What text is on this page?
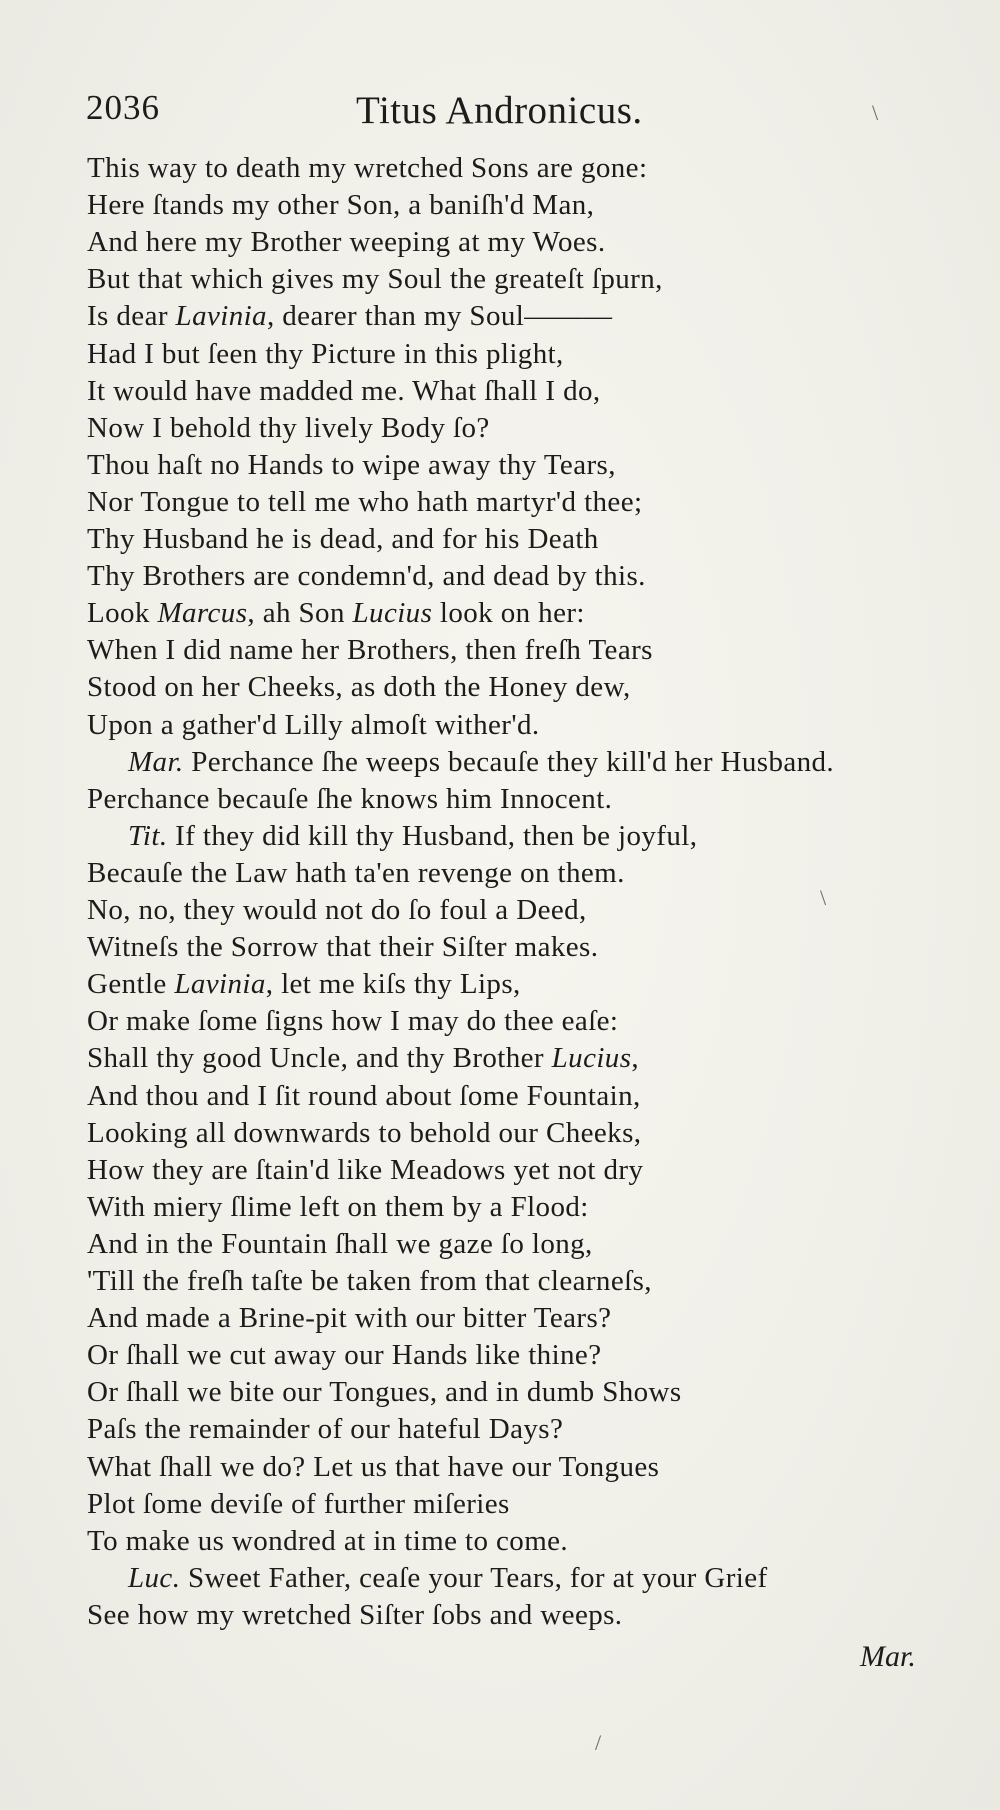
2036	Titus Andronicus.
This way to death my wretched Sons are gone:
Here ſtands my other Son, a baniſh'd Man,
And here my Brother weeping at my Woes.
But that which gives my Soul the greateſt ſpurn,
Is dear Lavinia, dearer than my Soul———
Had I but ſeen thy Picture in this plight,
It would have madded me. What ſhall I do,
Now I behold thy lively Body ſo?
Thou haſt no Hands to wipe away thy Tears,
Nor Tongue to tell me who hath martyr'd thee;
Thy Husband he is dead, and for his Death
Thy Brothers are condemn'd, and dead by this.
Look Marcus, ah Son Lucius look on her:
When I did name her Brothers, then freſh Tears
Stood on her Cheeks, as doth the Honey dew,
Upon a gather'd Lilly almoſt wither'd.
Mar. Perchance ſhe weeps becauſe they kill'd her Husband.
Perchance becauſe ſhe knows him Innocent.
Tit. If they did kill thy Husband, then be joyful,
Becauſe the Law hath ta'en revenge on them.
No, no, they would not do ſo foul a Deed,
Witneſs the Sorrow that their Siſter makes.
Gentle Lavinia, let me kiſs thy Lips,
Or make ſome ſigns how I may do thee eaſe:
Shall thy good Uncle, and thy Brother Lucius,
And thou and I ſit round about ſome Fountain,
Looking all downwards to behold our Cheeks,
How they are ſtain'd like Meadows yet not dry
With miery ſlime left on them by a Flood:
And in the Fountain ſhall we gaze ſo long,
'Till the freſh taſte be taken from that clearneſs,
And made a Brine-pit with our bitter Tears?
Or ſhall we cut away our Hands like thine?
Or ſhall we bite our Tongues, and in dumb Shows
Paſs the remainder of our hateful Days?
What ſhall we do? Let us that have our Tongues
Plot ſome deviſe of further miſeries
To make us wondred at in time to come.
Luc. Sweet Father, ceaſe your Tears, for at your Grief
See how my wretched Siſter ſobs and weeps.
Mar.
\
\
/
